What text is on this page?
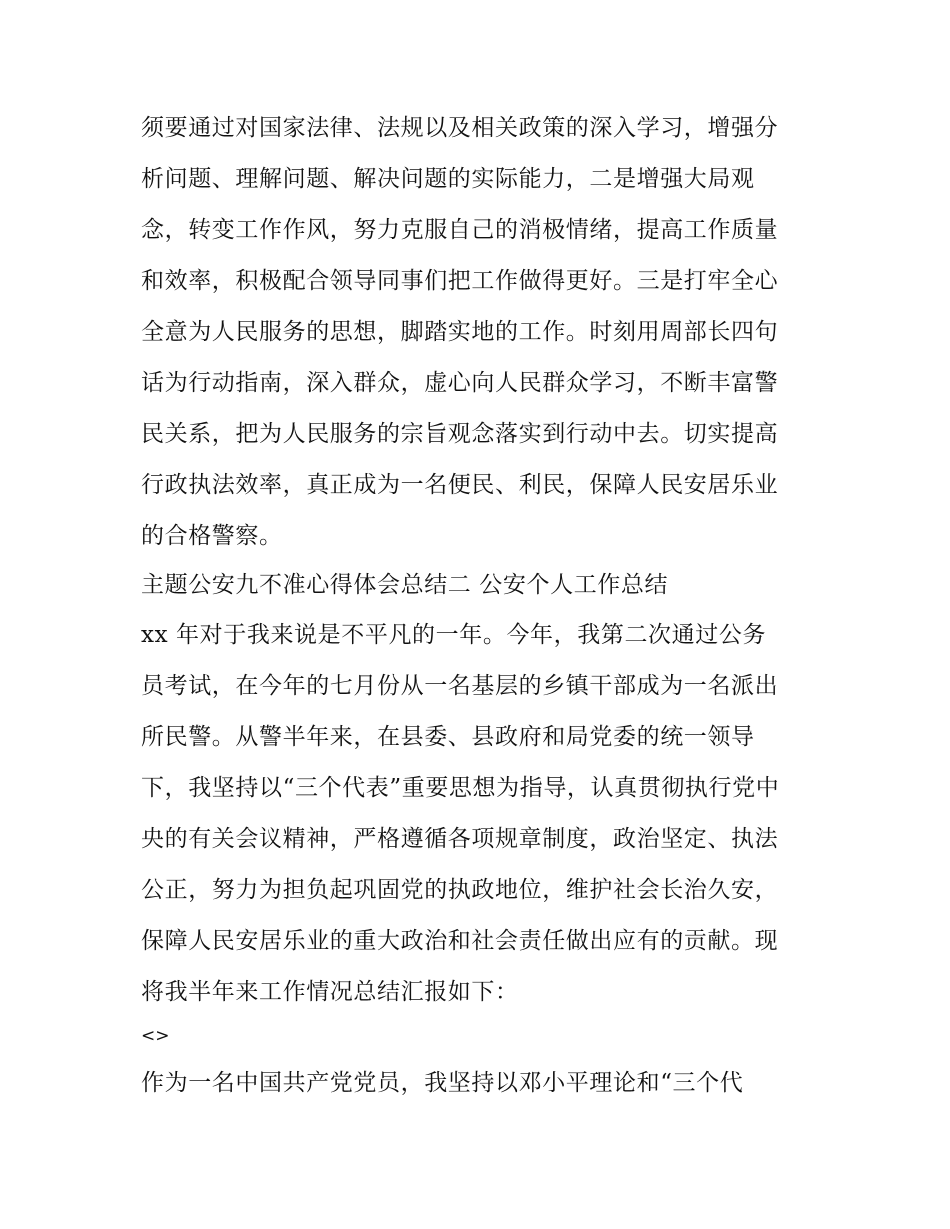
须要通过对国家法律、法规以及相关政策的深入学习，增强分
析问题、理解问题、解决问题的实际能力，二是增强大局观
念，转变工作作风，努力克服自己的消极情绪，提高工作质量
和效率，积极配合领导同事们把工作做得更好。三是打牢全心
全意为人民服务的思想，脚踏实地的工作。时刻用周部长四句
话为行动指南，深入群众，虚心向人民群众学习，不断丰富警
民关系，把为人民服务的宗旨观念落实到行动中去。切实提高
行政执法效率，真正成为一名便民、利民，保障人民安居乐业
的合格警察。
主题公安九不准心得体会总结二 公安个人工作总结
xx 年对于我来说是不平凡的一年。今年，我第二次通过公务
员考试，在今年的七月份从一名基层的乡镇干部成为一名派出
所民警。从警半年来，在县委、县政府和局党委的统一领导
下，我坚持以“三个代表”重要思想为指导，认真贯彻执行党中
央的有关会议精神，严格遵循各项规章制度，政治坚定、执法
公正，努力为担负起巩固党的执政地位，维护社会长治久安，
保障人民安居乐业的重大政治和社会责任做出应有的贡献。现
将我半年来工作情况总结汇报如下：
<>
作为一名中国共产党党员，我坚持以邓小平理论和“三个代
